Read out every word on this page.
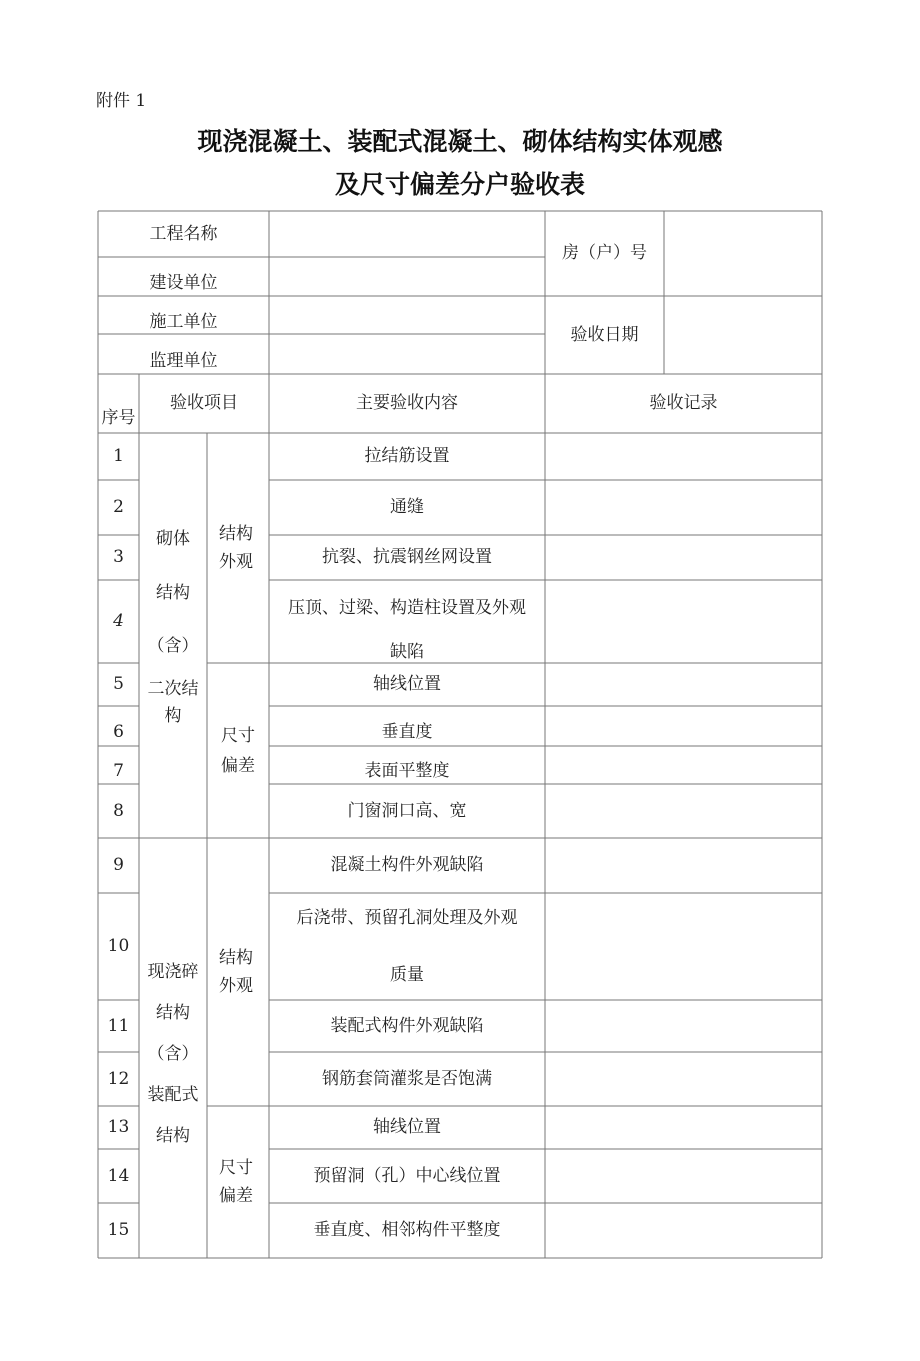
附件 1
现浇混凝土、装配式混凝土、砌体结构实体观感
及尺寸偏差分户验收表
工程名称
建设单位
施工单位
监理单位
房（户）号
验收日期
序号
验收项目	主要验收内容	验收记录
砌体
结构
（含）
二次结
构
现浇碎
结构
（含）
装配式
结构
结构
外观
尺寸
偏差
结构
外观
尺寸
偏差
1
2
3
4
5
6
7
8
9
10
11
12
13
14
15
拉结筋设置
通缝
抗裂、抗震钢丝网设置
压顶、过梁、构造柱设置及外观
缺陷
轴线位置
垂直度
表面平整度
门窗洞口高、宽
混凝土构件外观缺陷
后浇带、预留孔洞处理及外观
质量
装配式构件外观缺陷
钢筋套筒灌浆是否饱满
轴线位置
预留洞（孔）中心线位置
垂直度、相邻构件平整度
